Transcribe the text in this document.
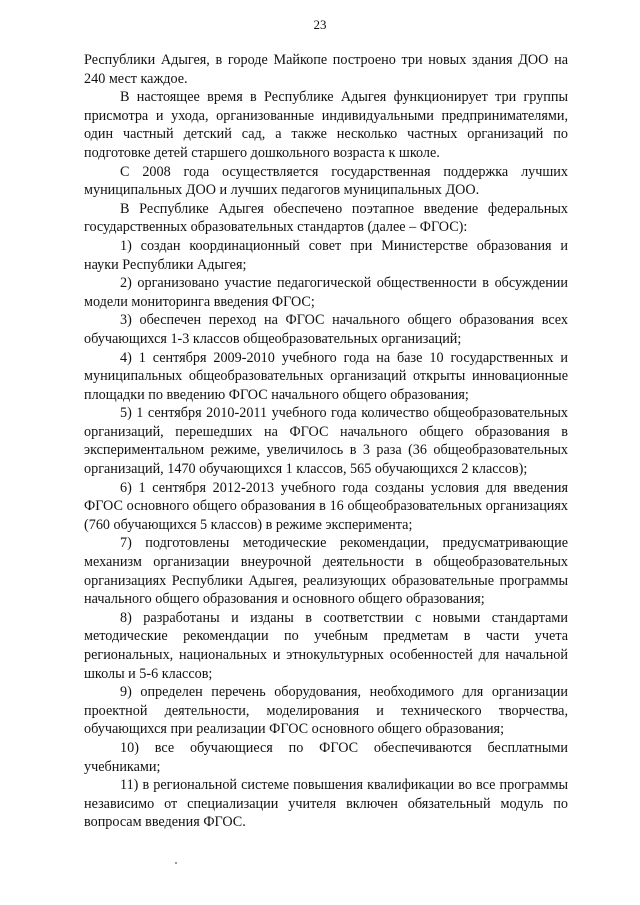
23

Республики Адыгея, в городе Майкопе построено три новых здания ДОО на 240 мест каждое.

В настоящее время в Республике Адыгея функционирует три группы присмотра и ухода, организованные индивидуальными предпринимателями, один частный детский сад, а также несколько частных организаций по подготовке детей старшего дошкольного возраста к школе.

С 2008 года осуществляется государственная поддержка лучших муниципальных ДОО и лучших педагогов муниципальных ДОО.

В Республике Адыгея обеспечено поэтапное введение федеральных государственных образовательных стандартов (далее – ФГОС):

1) создан координационный совет при Министерстве образования и науки Республики Адыгея;

2) организовано участие педагогической общественности в обсуждении модели мониторинга введения ФГОС;

3) обеспечен переход на ФГОС начального общего образования всех обучающихся 1-3 классов общеобразовательных организаций;

4) 1 сентября 2009-2010 учебного года на базе 10 государственных и муниципальных общеобразовательных организаций открыты инновационные площадки по введению ФГОС начального общего образования;

5) 1 сентября 2010-2011 учебного года количество общеобразовательных организаций, перешедших на ФГОС начального общего образования в экспериментальном режиме, увеличилось в 3 раза (36 общеобразовательных организаций, 1470 обучающихся 1 классов, 565 обучающихся 2 классов);

6) 1 сентября 2012-2013 учебного года созданы условия для введения ФГОС основного общего образования в 16 общеобразовательных организациях (760 обучающихся 5 классов) в режиме эксперимента;

7) подготовлены методические рекомендации, предусматривающие механизм организации внеурочной деятельности в общеобразовательных организациях Республики Адыгея, реализующих образовательные программы начального общего образования и основного общего образования;

8) разработаны и изданы в соответствии с новыми стандартами методические рекомендации по учебным предметам в части учета региональных, национальных и этнокультурных особенностей для начальной школы и 5-6 классов;

9) определен перечень оборудования, необходимого для организации проектной деятельности, моделирования и технического творчества, обучающихся при реализации ФГОС основного общего образования;

10) все обучающиеся по ФГОС обеспечиваются бесплатными учебниками;

11) в региональной системе повышения квалификации во все программы независимо от специализации учителя включен обязательный модуль по вопросам введения ФГОС.
